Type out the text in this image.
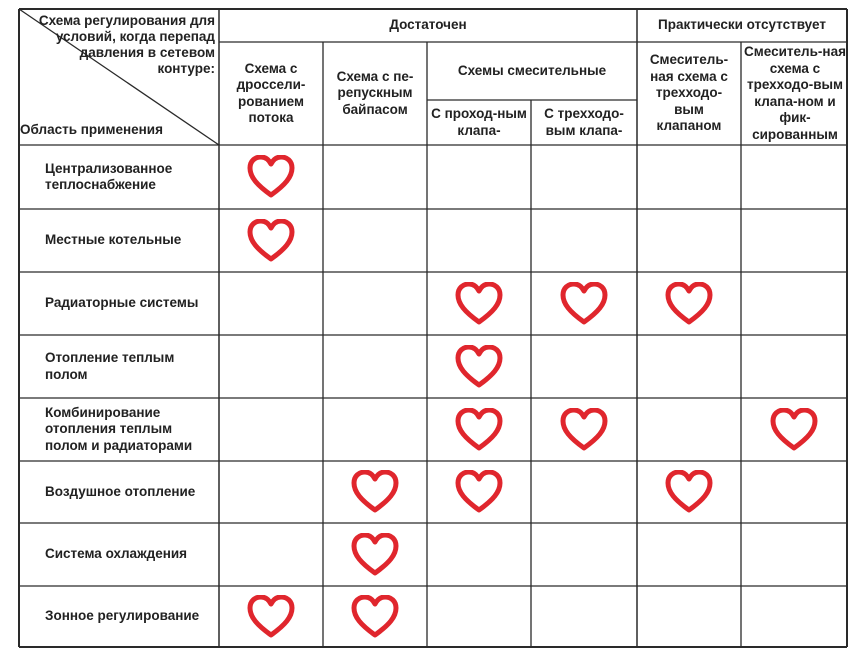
Схема регулирования для условий, когда перепад давления в сетевом контуре:
Область применения
Достаточен
Схемы смесительные
Практически отсутствует
Схема с дроссели-рованием потока
Схема с пе-репускным байпасом	С проход-ным клапа-
С трехходо-вым клапа-
Смеситель-ная схема с трехходо-вым клапаном
Смеситель-ная схема с трехходо-вым клапа-ном и фик-сированным
Централизованное теплоснабжение
Местные котельные
Радиаторные системы
Отопление теплым полом
Комбинирование отопления теплым полом и радиаторами
Воздушное отопление
Система охлаждения
Зонное регулирование
